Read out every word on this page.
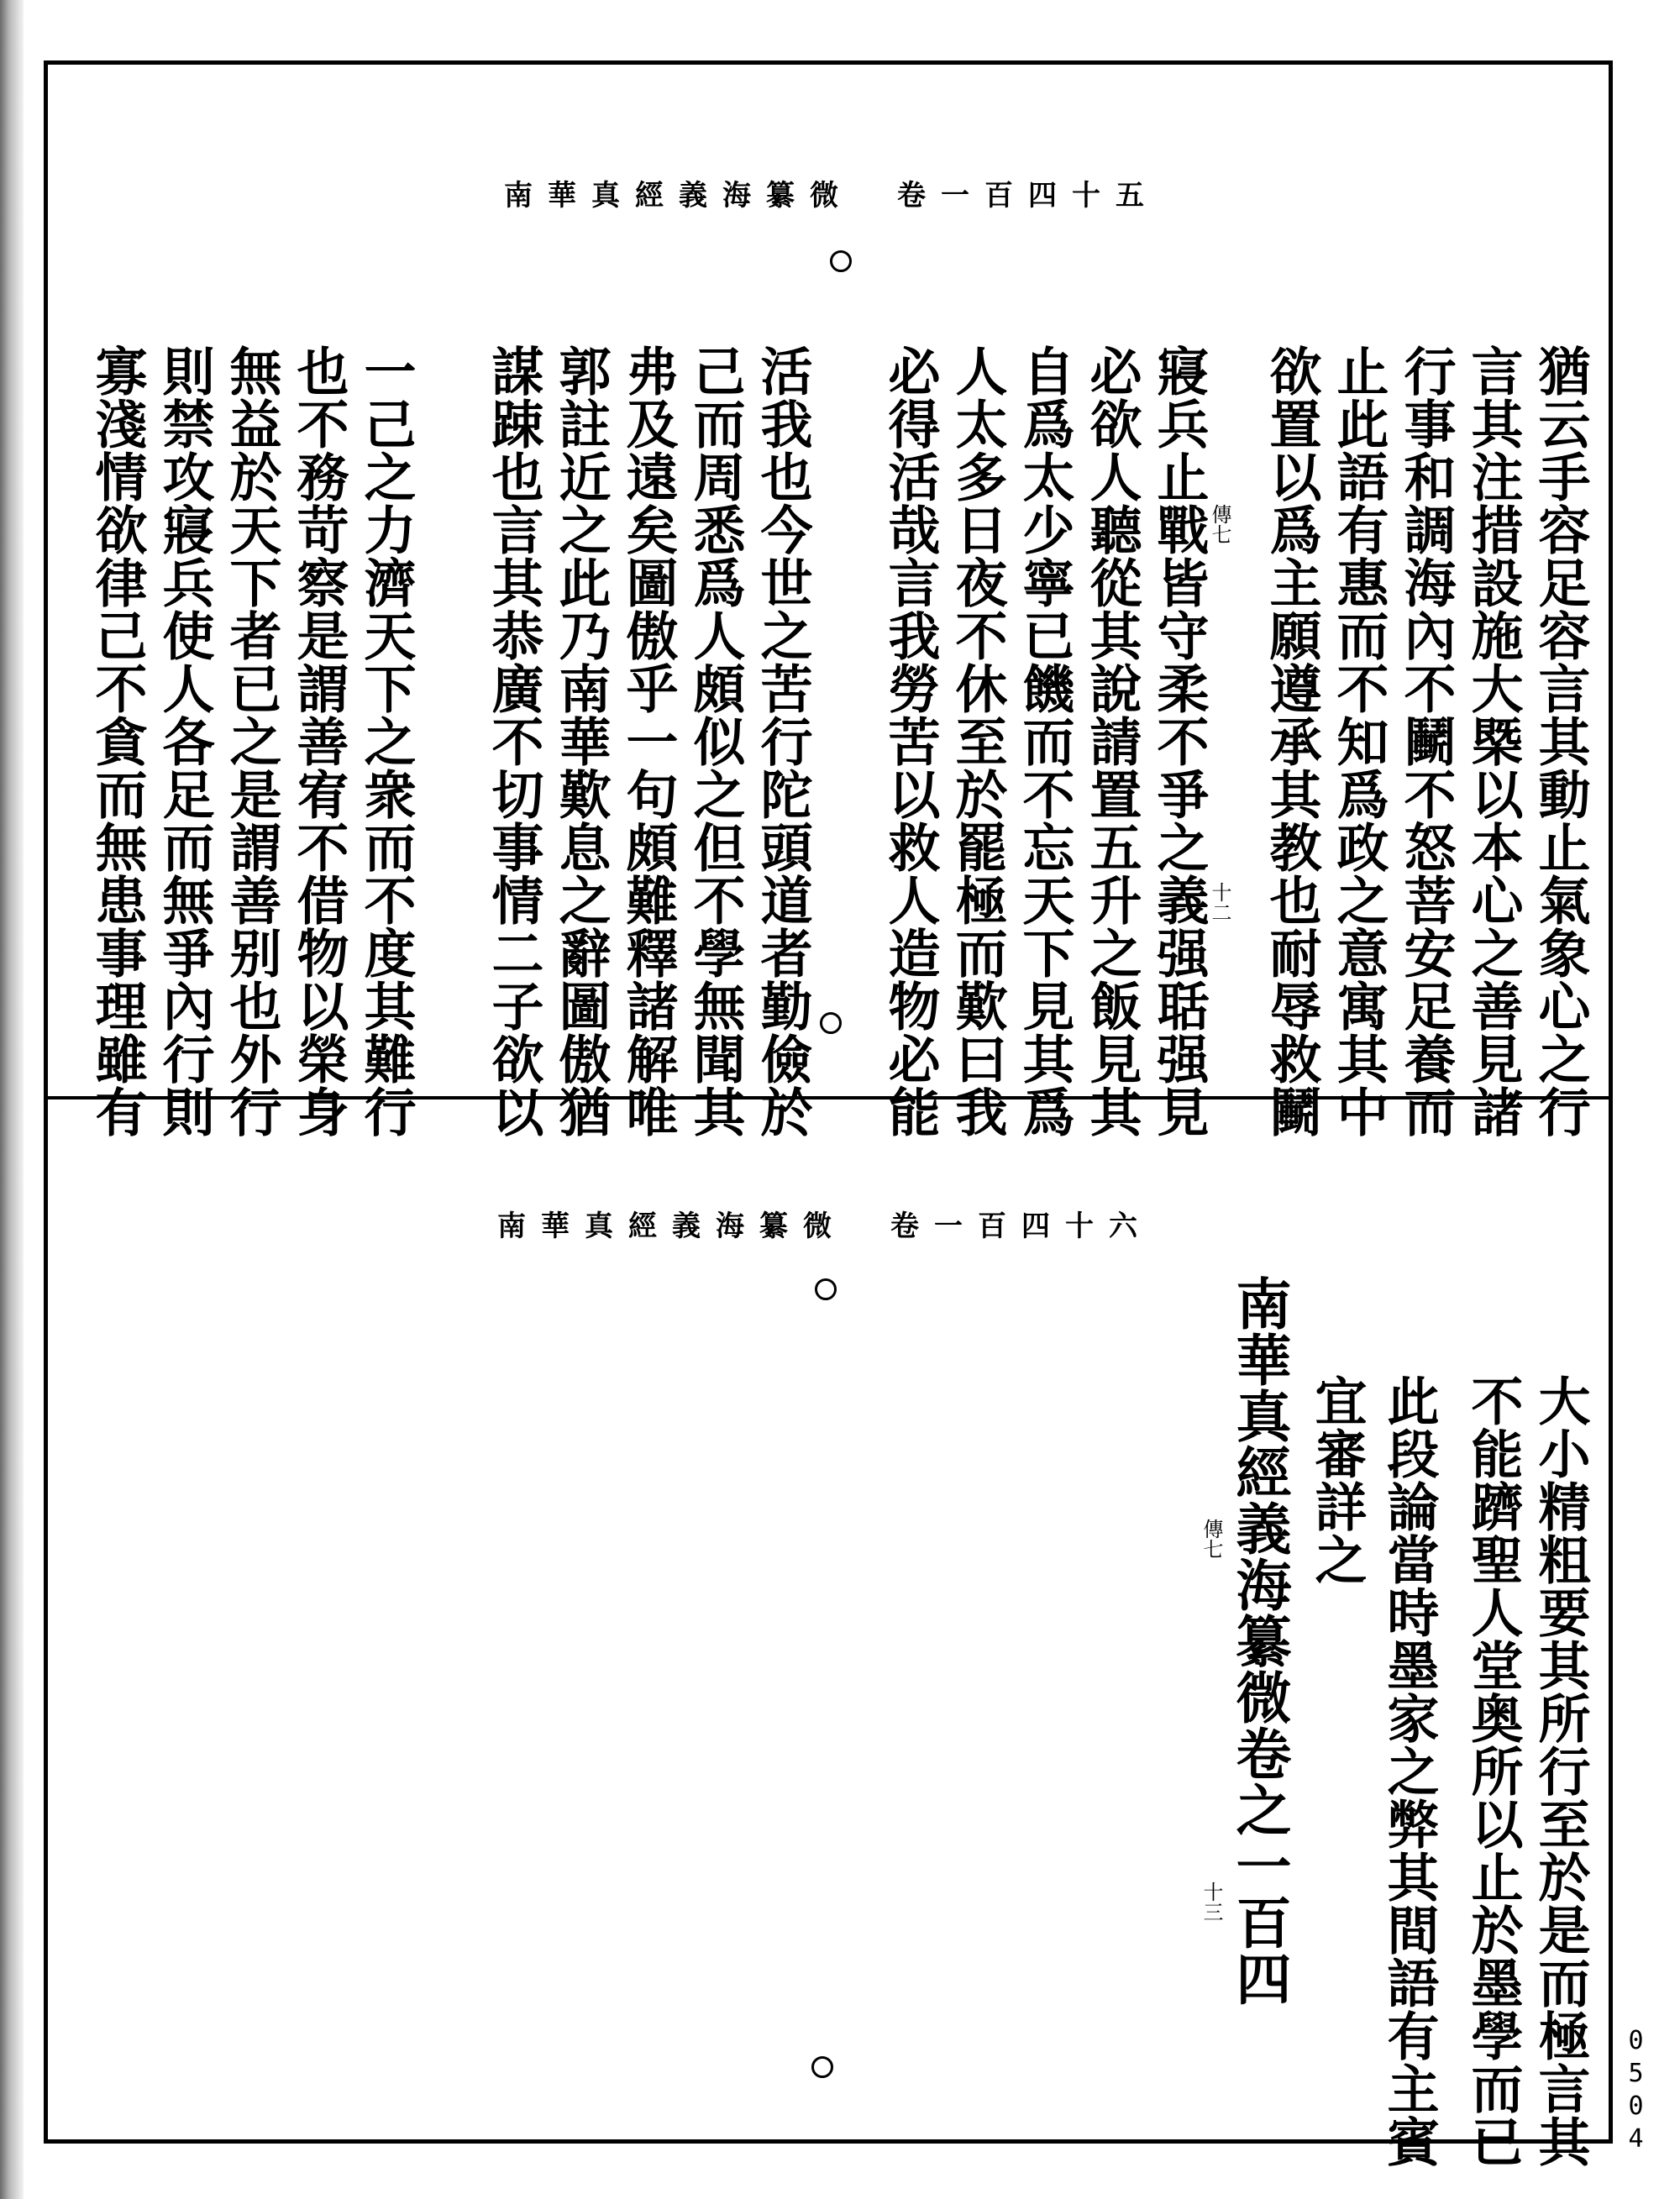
南華真經義海纂微　卷一百四十五
猶云手容足容言其動止氣象心之行
言其注措設施大槩以本心之善見諸
行事和調海內不鬭不怒菩安足養而
止此語有惠而不知爲政之意寓其中
欲置以爲主願遵承其教也耐辱救鬭
寢兵止戰皆守柔不爭之義强聒强見
必欲人聽從其說請置五升之飯見其
自爲太少寧已饑而不忘天下見其爲
人太多日夜不休至於罷極而歎曰我
必得活哉言我勞苦以救人造物必能
活我也今世之苦行陀頭道者勤儉於
己而周悉爲人頗似之但不學無聞其
弗及遠矣圖傲乎一句頗難釋諸解唯
郭註近之此乃南華歎息之辭圖傲猶
謀踈也言其恭廣不切事情二子欲以
一己之力濟天下之衆而不度其難行
也不務苛察是謂善宥不借物以榮身
無益於天下者已之是謂善别也外行
則禁攻寢兵使人各足而無爭內行則
寡淺情欲律己不貪而無患事理雖有	傳七
十二
南華真經義海纂微　卷一百四十六
大小精粗要其所行至於是而極言其
不能躋聖人堂奥所以止於墨學而已
此段論當時墨家之弊其間語有主賓
宜審詳之
南華真經義海纂微卷之一百四
傳七
十三
0504
